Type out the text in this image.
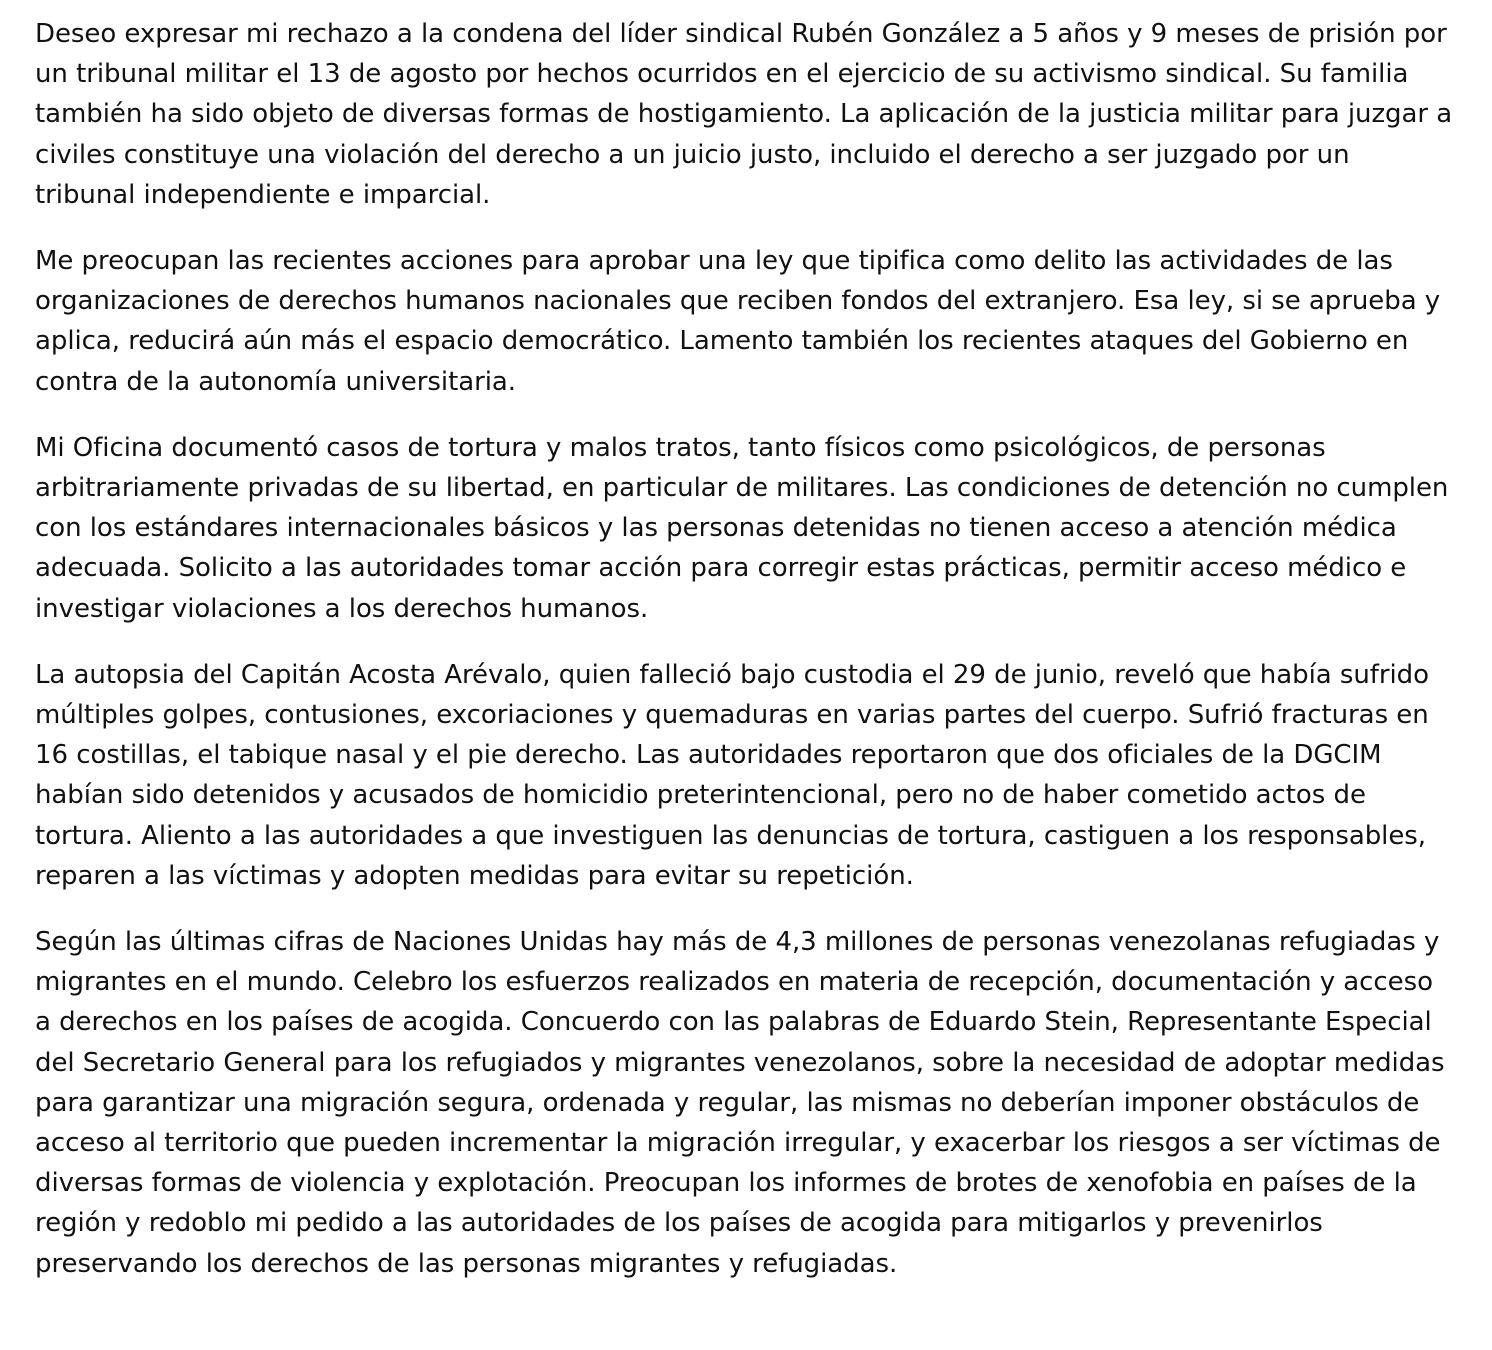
Deseo expresar mi rechazo a la condena del líder sindical Rubén González a 5 años y 9 meses de prisión por un tribunal militar el 13 de agosto por hechos ocurridos en el ejercicio de su activismo sindical. Su familia también ha sido objeto de diversas formas de hostigamiento. La aplicación de la justicia militar para juzgar a civiles constituye una violación del derecho a un juicio justo, incluido el derecho a ser juzgado por un tribunal independiente e imparcial.

Me preocupan las recientes acciones para aprobar una ley que tipifica como delito las actividades de las organizaciones de derechos humanos nacionales que reciben fondos del extranjero. Esa ley, si se aprueba y aplica, reducirá aún más el espacio democrático. Lamento también los recientes ataques del Gobierno en contra de la autonomía universitaria.

Mi Oficina documentó casos de tortura y malos tratos, tanto físicos como psicológicos, de personas arbitrariamente privadas de su libertad, en particular de militares. Las condiciones de detención no cumplen con los estándares internacionales básicos y las personas detenidas no tienen acceso a atención médica adecuada. Solicito a las autoridades tomar acción para corregir estas prácticas, permitir acceso médico e investigar violaciones a los derechos humanos.

La autopsia del Capitán Acosta Arévalo, quien falleció bajo custodia el 29 de junio, reveló que había sufrido múltiples golpes, contusiones, excoriaciones y quemaduras en varias partes del cuerpo. Sufrió fracturas en 16 costillas, el tabique nasal y el pie derecho. Las autoridades reportaron que dos oficiales de la DGCIM habían sido detenidos y acusados de homicidio preterintencional, pero no de haber cometido actos de tortura. Aliento a las autoridades a que investiguen las denuncias de tortura, castiguen a los responsables, reparen a las víctimas y adopten medidas para evitar su repetición.

Según las últimas cifras de Naciones Unidas hay más de 4,3 millones de personas venezolanas refugiadas y migrantes en el mundo. Celebro los esfuerzos realizados en materia de recepción, documentación y acceso a derechos en los países de acogida. Concuerdo con las palabras de Eduardo Stein, Representante Especial del Secretario General para los refugiados y migrantes venezolanos, sobre la necesidad de adoptar medidas para garantizar una migración segura, ordenada y regular, las mismas no deberían imponer obstáculos de acceso al territorio que pueden incrementar la migración irregular, y exacerbar los riesgos a ser víctimas de diversas formas de violencia y explotación. Preocupan los informes de brotes de xenofobia en países de la región y redoblo mi pedido a las autoridades de los países de acogida para mitigarlos y prevenirlos preservando los derechos de las personas migrantes y refugiadas.
